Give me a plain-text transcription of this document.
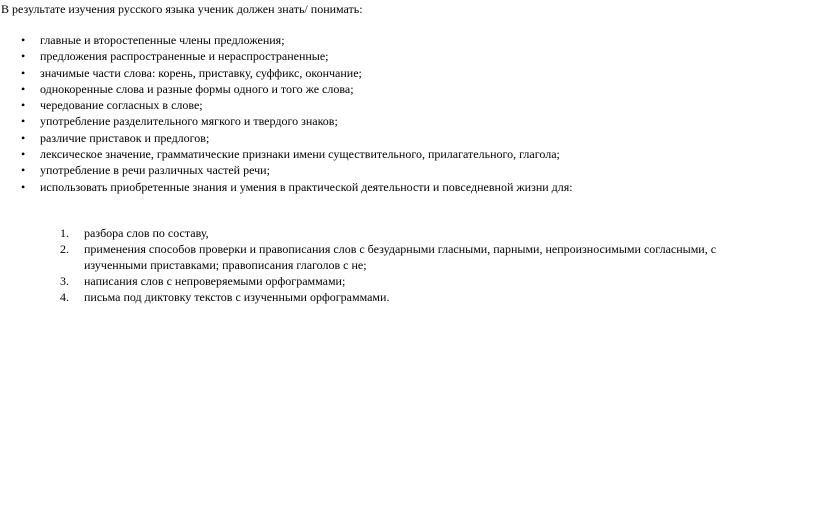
В результате изучения русского языка ученик должен знать/ понимать:
• главные и второстепенные члены предложения;
• предложения распространенные и нераспространенные;
• значимые части слова: корень, приставку, суффикс, окончание;
• однокоренные слова и разные формы одного и того же слова;
• чередование согласных в слове;
• употребление разделительного мягкого и твердого знаков;
• различие приставок и предлогов;
• лексическое значение, грамматические признаки имени существительного, прилагательного, глагола;
• употребление в речи различных частей речи;
• использовать приобретенные знания и умения в практической деятельности и повседневной жизни для:
1. разбора слов по составу,
2. применения способов проверки и правописания слов с безударными гласными, парными, непроизносимыми согласными, с изученными приставками; правописания глаголов с не;
3. написания слов с непроверяемыми орфограммами;
4. письма под диктовку текстов с изученными орфограммами.
